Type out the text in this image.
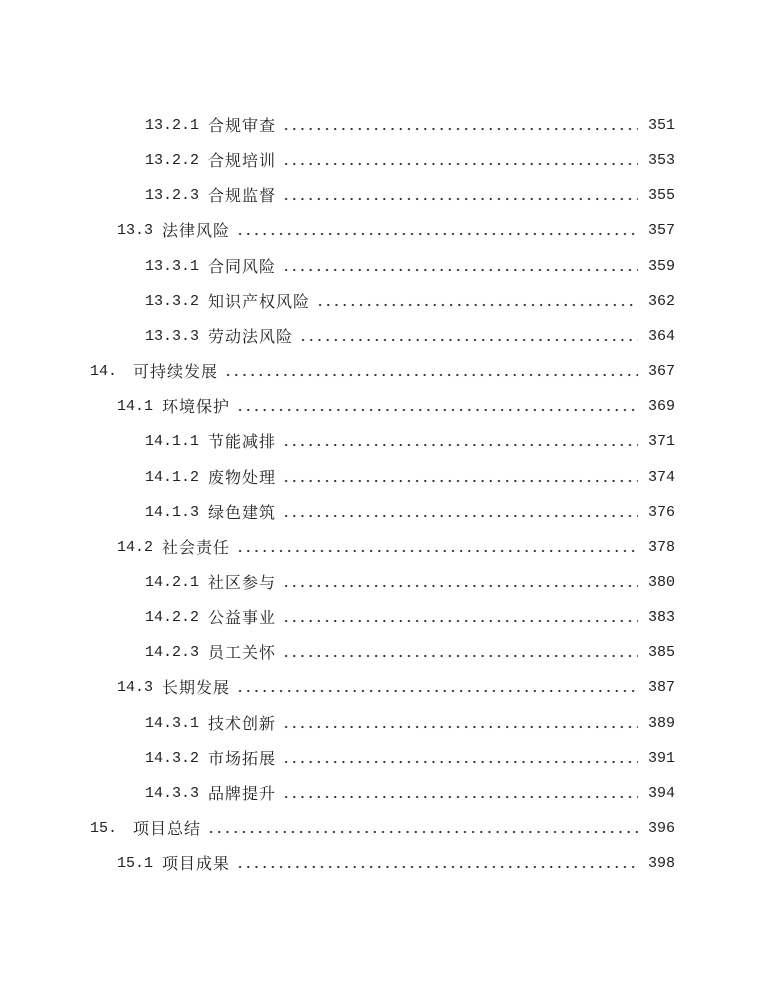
13.2.1 合规审查	351
13.2.2 合规培训	353
13.2.3 合规监督	355
13.3 法律风险	357
13.3.1 合同风险	359
13.3.2 知识产权风险	362
13.3.3 劳动法风险	364
14. 可持续发展	367
14.1 环境保护	369
14.1.1 节能减排	371
14.1.2 废物处理	374
14.1.3 绿色建筑	376
14.2 社会责任	378
14.2.1 社区参与	380
14.2.2 公益事业	383
14.2.3 员工关怀	385
14.3 长期发展	387
14.3.1 技术创新	389
14.3.2 市场拓展	391
14.3.3 品牌提升	394
15. 项目总结	396
15.1 项目成果	398
